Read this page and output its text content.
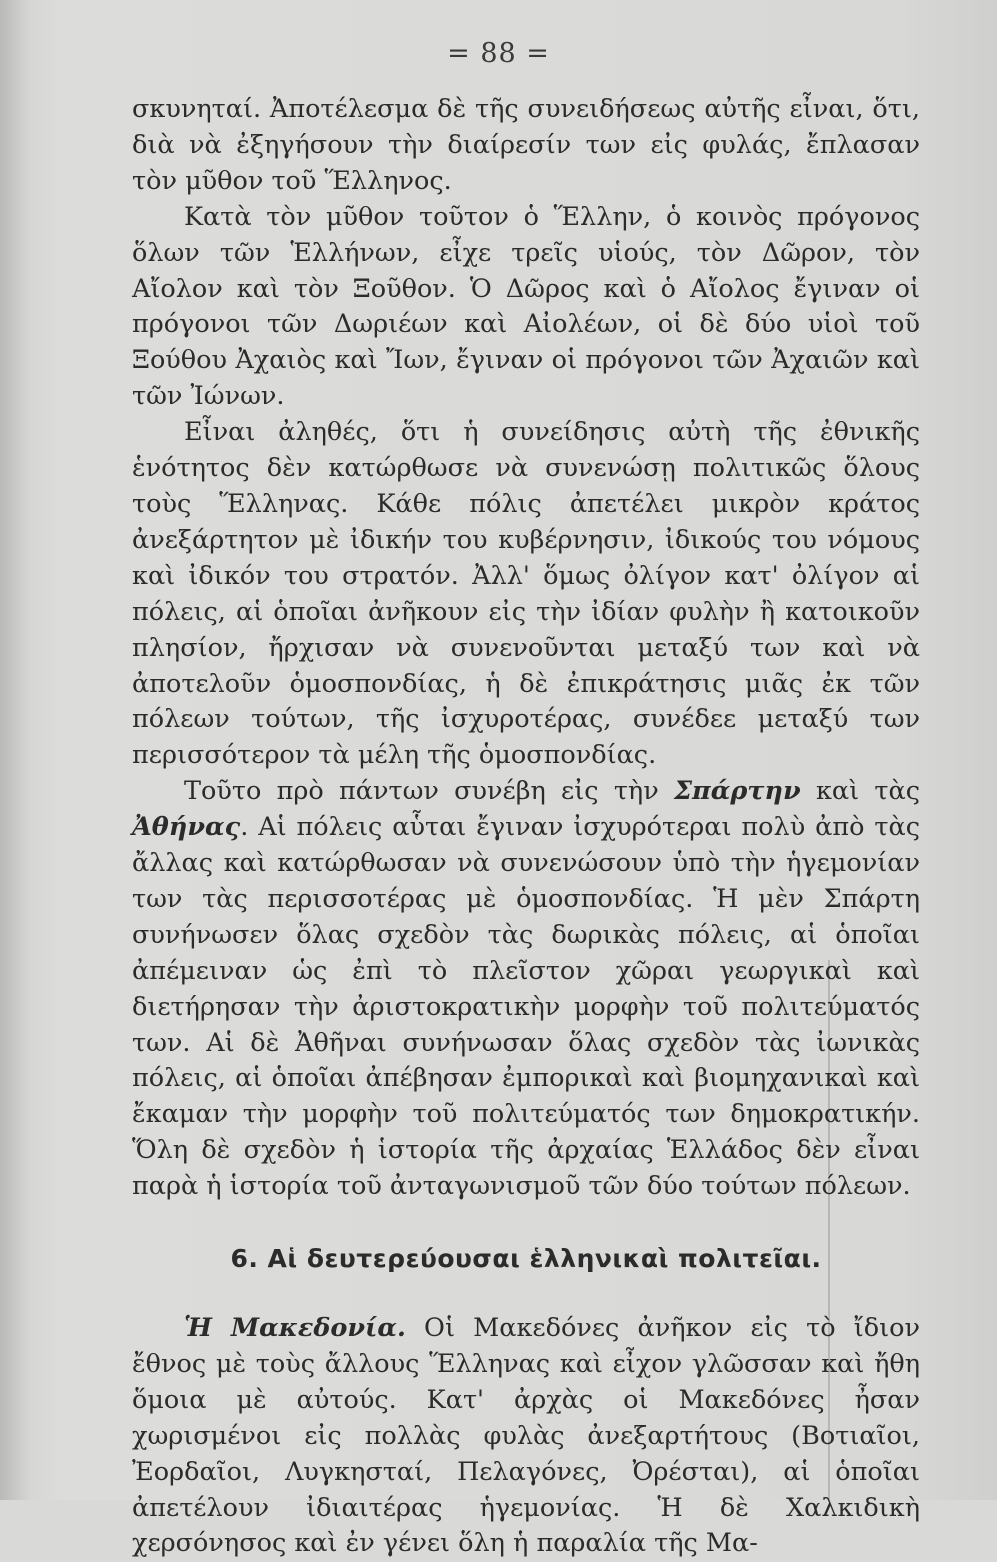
= 88 =

σκυνηταί. Ἀποτέλεσμα δὲ τῆς συνειδήσεως αὐτῆς εἶναι, ὅτι, διὰ νὰ ἐξηγήσουν τὴν διαίρεσίν των εἰς φυλάς, ἔπλασαν τὸν μῦθον τοῦ Ἕλληνος.

Κατὰ τὸν μῦθον τοῦτον ὁ Ἕλλην, ὁ κοινὸς πρόγονος ὅλων τῶν Ἑλλήνων, εἶχε τρεῖς υἱούς, τὸν Δῶρον, τὸν Αἴολον καὶ τὸν Ξοῦθον. Ὁ Δῶρος καὶ ὁ Αἴολος ἔγιναν οἱ πρόγονοι τῶν Δωριέων καὶ Αἰολέων, οἱ δὲ δύο υἱοὶ τοῦ Ξούθου Ἀχαιὸς καὶ Ἴων, ἔγιναν οἱ πρόγονοι τῶν Ἀχαιῶν καὶ τῶν Ἰώνων.

Εἶναι ἀληθές, ὅτι ἡ συνείδησις αὐτὴ τῆς ἐθνικῆς ἑνότητος δὲν κατώρθωσε νὰ συνενώσῃ πολιτικῶς ὅλους τοὺς Ἕλληνας. Κάθε πόλις ἀπετέλει μικρὸν κράτος ἀνεξάρτητον μὲ ἰδικήν του κυβέρνησιν, ἰδικούς του νόμους καὶ ἰδικόν του στρατόν. Ἀλλ' ὅμως ὀλίγον κατ' ὀλίγον αἱ πόλεις, αἱ ὁποῖαι ἀνῆκουν εἰς τὴν ἰδίαν φυλὴν ἢ κατοικοῦν πλησίον, ἤρχισαν νὰ συνενοῦνται μεταξύ των καὶ νὰ ἀποτελοῦν ὁμοσπονδίας, ἡ δὲ ἐπικράτησις μιᾶς ἐκ τῶν πόλεων τούτων, τῆς ἰσχυροτέρας, συνέδεε μεταξύ των περισσότερον τὰ μέλη τῆς ὁμοσπονδίας.

Τοῦτο πρὸ πάντων συνέβη εἰς τὴν Σπάρτην καὶ τὰς Ἀθήνας. Αἱ πόλεις αὗται ἔγιναν ἰσχυρότεραι πολὺ ἀπὸ τὰς ἄλλας καὶ κατώρθωσαν νὰ συνενώσουν ὑπὸ τὴν ἡγεμονίαν των τὰς περισσοτέρας μὲ ὁμοσπονδίας. Ἡ μὲν Σπάρτη συνήνωσεν ὅλας σχεδὸν τὰς δωρικὰς πόλεις, αἱ ὁποῖαι ἀπέμειναν ὡς ἐπὶ τὸ πλεῖστον χῶραι γεωργικαὶ καὶ διετήρησαν τὴν ἀριστοκρατικὴν μορφὴν τοῦ πολιτεύματός των. Αἱ δὲ Ἀθῆναι συνήνωσαν ὅλας σχεδὸν τὰς ἰωνικὰς πόλεις, αἱ ὁποῖαι ἀπέβησαν ἐμπορικαὶ καὶ βιομηχανικαὶ καὶ ἔκαμαν τὴν μορφὴν τοῦ πολιτεύματός των δημοκρατικήν. Ὅλη δὲ σχεδὸν ἡ ἱστορία τῆς ἀρχαίας Ἑλλάδος δὲν εἶναι παρὰ ἡ ἱστορία τοῦ ἀνταγωνισμοῦ τῶν δύο τούτων πόλεων.

6. Αἱ δευτερεύουσαι ἑλληνικαὶ πολιτεῖαι.

Ἡ Μακεδονία. Οἱ Μακεδόνες ἀνῆκον εἰς τὸ ἴδιον ἔθνος μὲ τοὺς ἄλλους Ἕλληνας καὶ εἶχον γλῶσσαν καὶ ἤθη ὅμοια μὲ αὐτούς. Κατ' ἀρχὰς οἱ Μακεδόνες ἦσαν χωρισμένοι εἰς πολλὰς φυλὰς ἀνεξαρτήτους (Βοτιαῖοι, Ἐορδαῖοι, Λυγκησταί, Πελαγόνες, Ὀρέσται), αἱ ὁποῖαι ἀπετέλουν ἰδιαιτέρας ἡγεμονίας. Ἡ δὲ Χαλκιδικὴ χερσόνησος καὶ ἐν γένει ὅλη ἡ παραλία τῆς Μα-
